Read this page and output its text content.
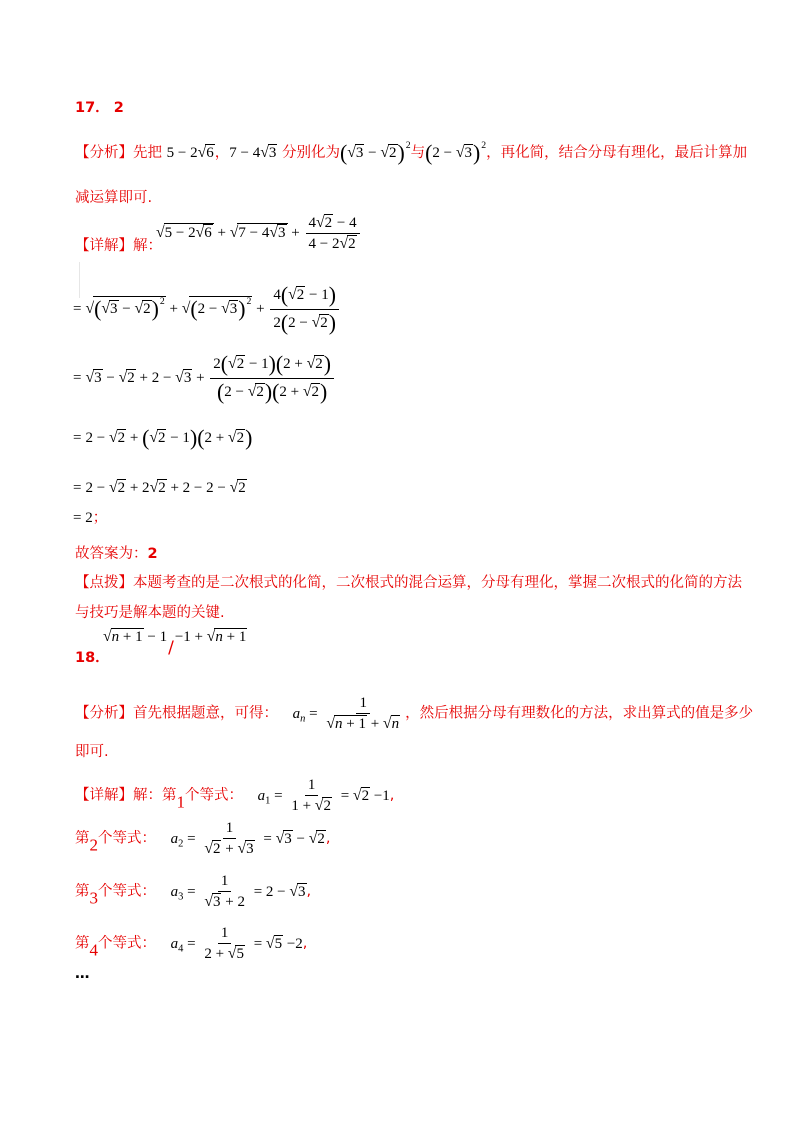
17． 2
【分析】先把 5 − 2√6，7 − 4√3 分别化为$(√3 - √2)^2$与$(2 - √3)^2$，再化简，结合分母有理化，最后计算加
减运算即可.
【详解】解：
$√5 - 2√6 + √7 - 4√3 + \frac{4√2 - 4}{4 - 2√2}$
= $√(√3 - √2)^2 + √(2 - √3)^2 + \frac{4(√2 - 1)}{2(2 - √2)}$
= $√3 - √2 + 2 - √3 + \frac{2(√2 - 1)(2 + √2)}{(2 - √2)(2 + √2)}$
= 2 − √2 + (√2 − 1)(2 + √2)
= 2 − √2 + 2√2 + 2 − 2 − √2
= 2；
故答案为：2
【点拨】本题考查的是二次根式的化简，二次根式的混合运算，分母有理化，掌握二次根式的化简的方法
与技巧是解本题的关键.
18．
√n + 1 − 1/−1 + √n + 1
【分析】首先根据题意，可得： $a_n = \frac{1}{√n + 1 + √n}$ ，然后根据分母有理数化的方法，求出算式的值是多少
即可.
【详解】解：第1个等式： $a_1 = \frac{1}{1 + √2} = √2 -1$,
第2个等式： $a_2 = \frac{1}{√2 + √3} = √3 - √2$,
第3个等式： $a_3 = \frac{1}{√3 + 2} = 2 - √3$,
第4个等式： $a_4 = \frac{1}{2 + √5} = √5 -2$,
…
